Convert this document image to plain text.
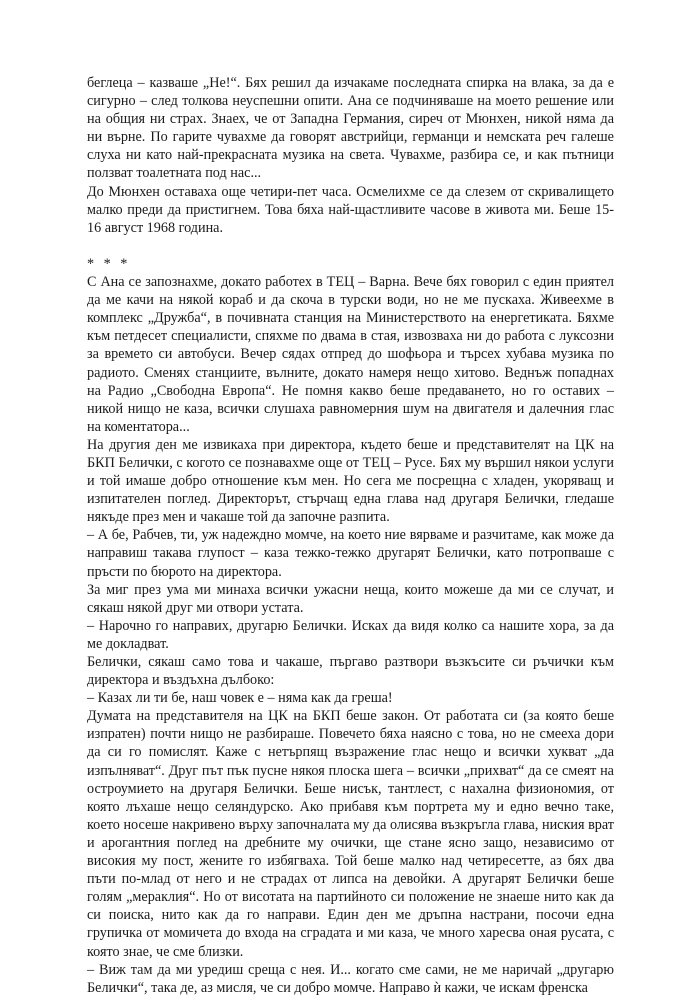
беглеца – казваше „Не!“. Бях решил да изчакаме последната спирка на влака, за да е сигурно – след толкова неуспешни опити. Ана се подчиняваше на моето решение или на общия ни страх. Знаех, че от Западна Германия, сиреч от Мюнхен, никой няма да ни върне. По гарите чувахме да говорят австрийци, германци и немската реч галеше слуха ни като най-прекрасната музика на света. Чувахме, разбира се, и как пътници ползват тоалетната под нас...

До Мюнхен оставаха още четири-пет часа. Осмелихме се да слезем от скривалището малко преди да пристигнем. Това бяха най-щастливите часове в живота ми. Беше 15-16 август 1968 година.

* * *

С Ана се запознахме, докато работех в ТЕЦ – Варна. Вече бях говорил с един приятел да ме качи на някой кораб и да скоча в турски води, но не ме пускаха. Живеехме в комплекс „Дружба“, в почивната станция на Министерството на енергетиката. Бяхме към петдесет специалисти, спяхме по двама в стая, извозваха ни до работа с луксозни за времето си автобуси. Вечер сядах отпред до шофьора и търсех хубава музика по радиото. Сменях станциите, вълните, докато намеря нещо хитово. Веднъж попаднах на Радио „Свободна Европа“. Не помня какво беше предаването, но го оставих – никой нищо не каза, всички слушаха равномерния шум на двигателя и далечния глас на коментатора...

На другия ден ме извикаха при директора, където беше и представителят на ЦК на БКП Белички, с когото се познавахме още от ТЕЦ – Русе. Бях му вършил някои услуги и той имаше добро отношение към мен. Но сега ме посрещна с хладен, укоряващ и изпитателен поглед. Директорът, стърчащ една глава над другаря Белички, гледаше някъде през мен и чакаше той да започне разпита.

– А бе, Рабчев, ти, уж надеждно момче, на което ние вярваме и разчитаме, как може да направиш такава глупост – каза тежко-тежко другарят Белички, като потропваше с пръсти по бюрото на директора.

За миг през ума ми минаха всички ужасни неща, които можеше да ми се случат, и сякаш някой друг ми отвори устата.

– Нарочно го направих, другарю Белички. Исках да видя колко са нашите хора, за да ме докладват.

Белички, сякаш само това и чакаше, пъргаво разтвори възкъсите си ръчички към директора и въздъхна дълбоко:

– Казах ли ти бе, наш човек е – няма как да греша!

Думата на представителя на ЦК на БКП беше закон. От работата си (за която беше изпратен) почти нищо не разбираше. Повечето бяха наясно с това, но не смееха дори да си го помислят. Каже с нетърпящ възражение глас нещо и всички хукват „да изпълняват“. Друг път пък пусне някоя плоска шега – всички „прихват“ да се смеят на остроумието на другаря Белички. Беше нисък, тантлест, с нахална физиономия, от която лъхаше нещо селяндурско. Ако прибавя към портрета му и едно вечно таке, което носеше накривено върху започналата му да олисява възкръгла глава, ниския врат и арогантния поглед на дребните му очички, ще стане ясно защо, независимо от високия му пост, жените го избягваха. Той беше малко над четиресетте, аз бях два пъти по-млад от него и не страдах от липса на девойки. А другарят Белички беше голям „мераклия“. Но от висотата на партийното си положение не знаеше нито как да си поиска, нито как да го направи. Един ден ме дръпна настрани, посочи една групичка от момичета до входа на сградата и ми каза, че много харесва оная русата, с която знае, че сме близки.

– Виж там да ми уредиш среща с нея. И... когато сме сами, не ме наричай „другарю Белички“, така де, аз мисля, че си добро момче. Направо ѝ кажи, че искам френска
